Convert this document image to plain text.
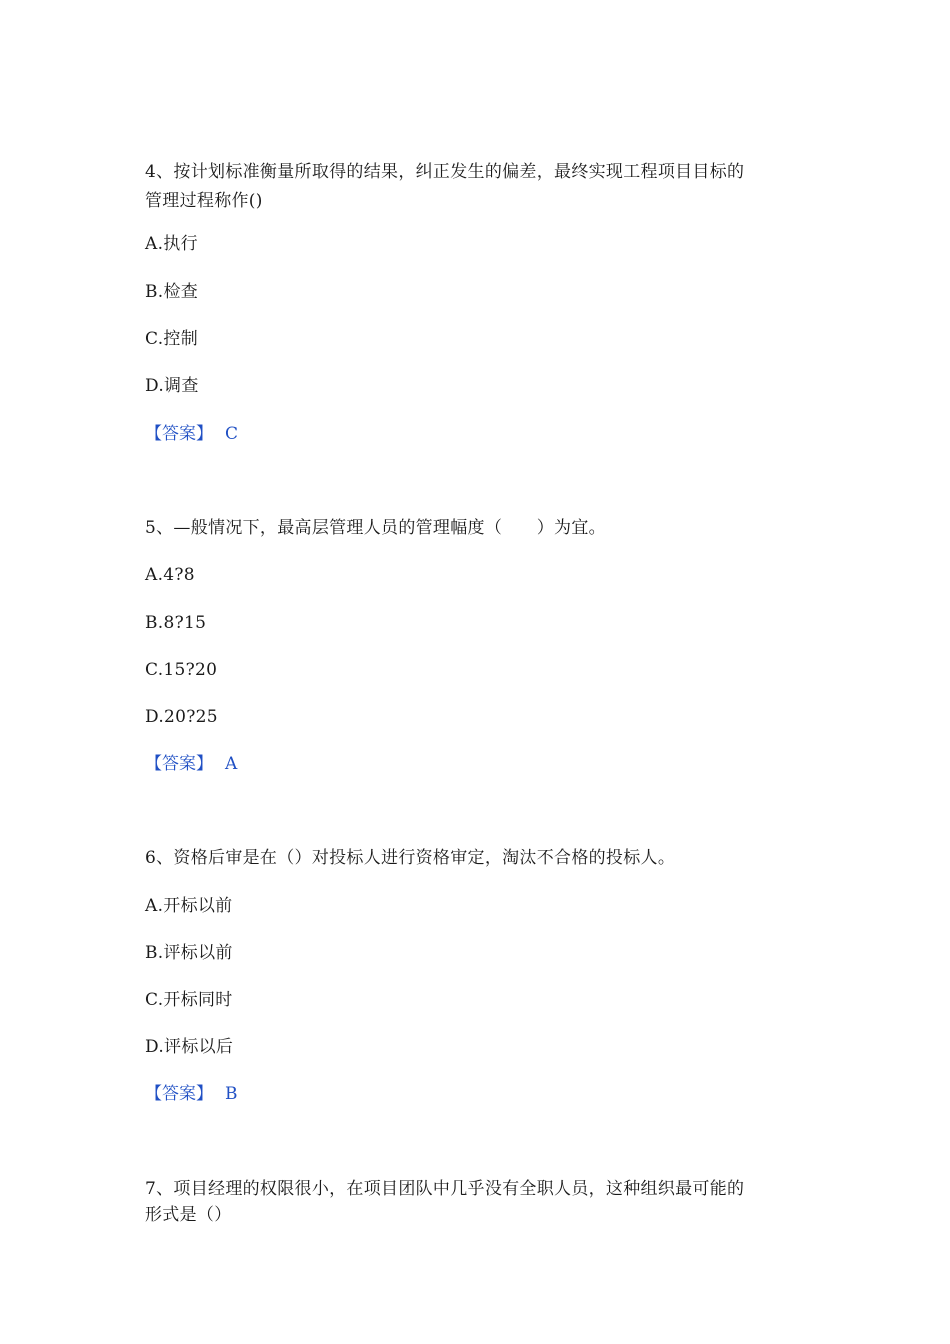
4、按计划标准衡量所取得的结果，纠正发生的偏差，最终实现工程项目目标的
管理过程称作()
A.执行
B.检查
C.控制
D.调查
【答案】 C
5、—般情况下，最高层管理人员的管理幅度（　　）为宜。
A.4?8
B.8?15
C.15?20
D.20?25
【答案】 A
6、资格后审是在（）对投标人进行资格审定，淘汰不合格的投标人。
A.开标以前
B.评标以前
C.开标同时
D.评标以后
【答案】 B
7、项目经理的权限很小，在项目团队中几乎没有全职人员，这种组织最可能的
形式是（）
